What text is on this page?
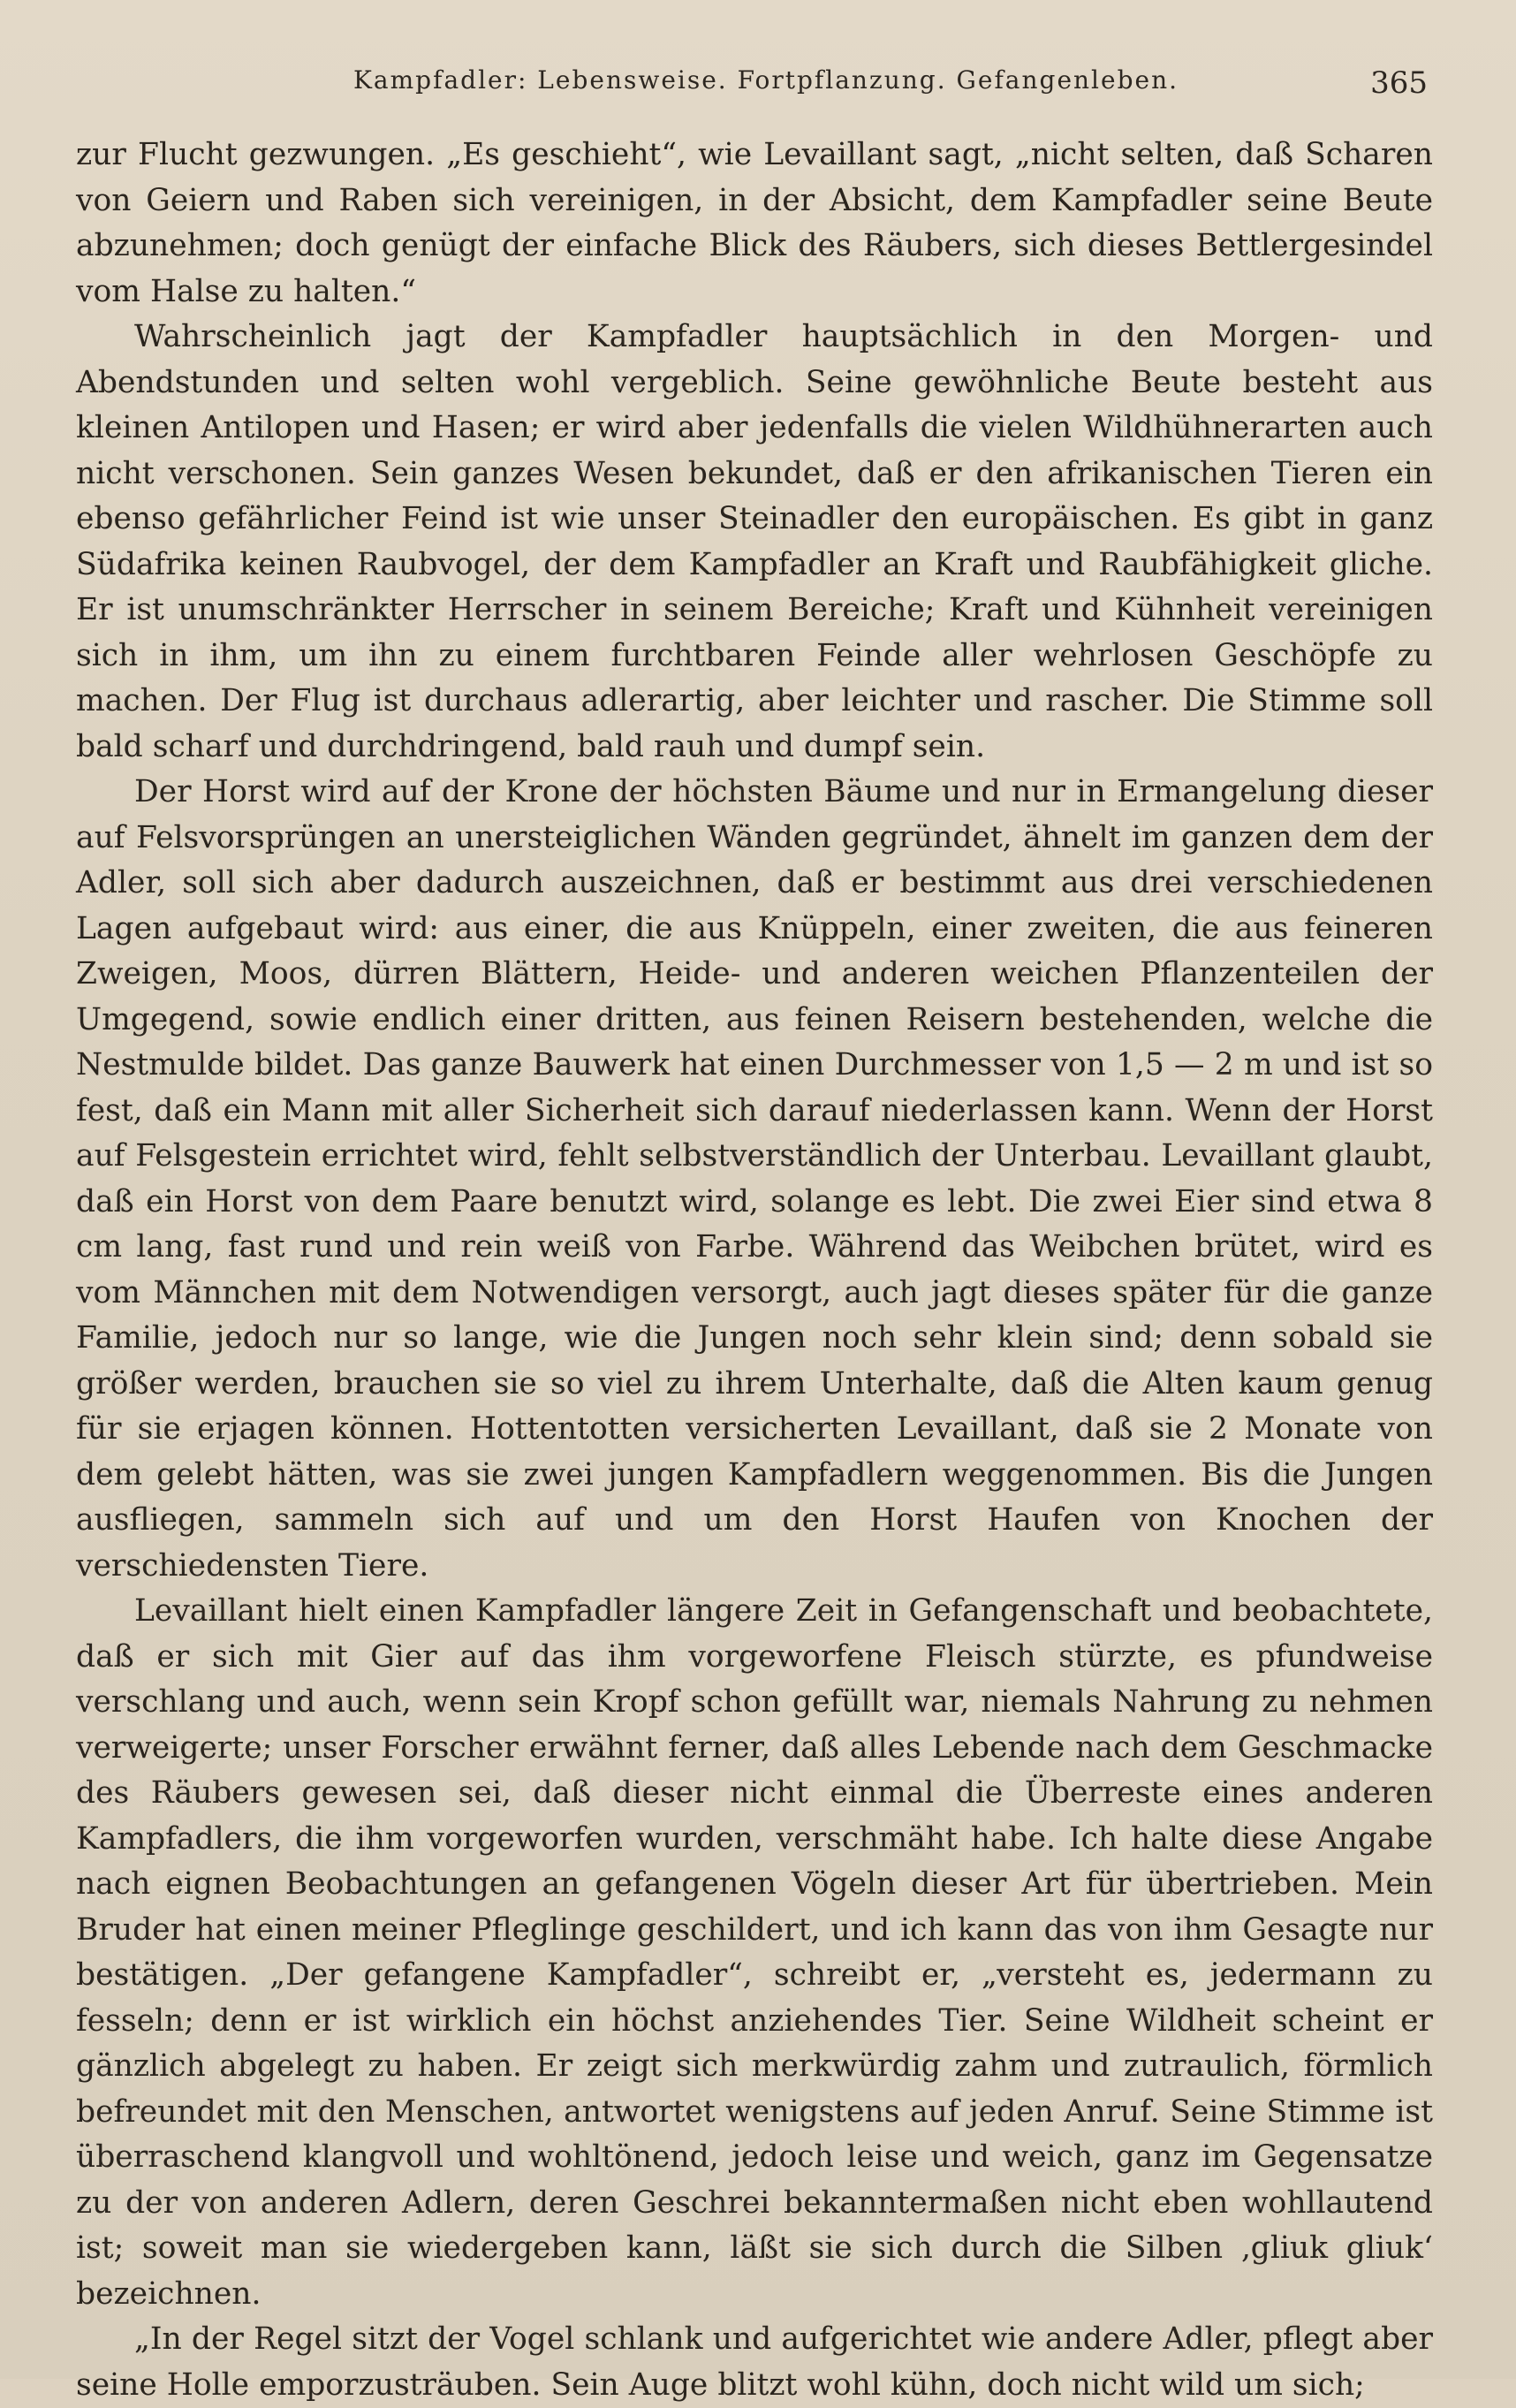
Kampfadler: Lebensweise. Fortpflanzung. Gefangenleben.	365

zur Flucht gezwungen. „Es geschieht“, wie Levaillant sagt, „nicht selten, daß Scharen von Geiern und Raben sich vereinigen, in der Absicht, dem Kampfadler seine Beute abzunehmen; doch genügt der einfache Blick des Räubers, sich dieses Bettlergesindel vom Halse zu halten.“

Wahrscheinlich jagt der Kampfadler hauptsächlich in den Morgen- und Abendstunden und selten wohl vergeblich. Seine gewöhnliche Beute besteht aus kleinen Antilopen und Hasen; er wird aber jedenfalls die vielen Wildhühnerarten auch nicht verschonen. Sein ganzes Wesen bekundet, daß er den afrikanischen Tieren ein ebenso gefährlicher Feind ist wie unser Steinadler den europäischen. Es gibt in ganz Südafrika keinen Raubvogel, der dem Kampfadler an Kraft und Raubfähigkeit gliche. Er ist unumschränkter Herrscher in seinem Bereiche; Kraft und Kühnheit vereinigen sich in ihm, um ihn zu einem furchtbaren Feinde aller wehrlosen Geschöpfe zu machen. Der Flug ist durchaus adlerartig, aber leichter und rascher. Die Stimme soll bald scharf und durchdringend, bald rauh und dumpf sein.

Der Horst wird auf der Krone der höchsten Bäume und nur in Ermangelung dieser auf Felsvorsprüngen an unersteiglichen Wänden gegründet, ähnelt im ganzen dem der Adler, soll sich aber dadurch auszeichnen, daß er bestimmt aus drei verschiedenen Lagen aufgebaut wird: aus einer, die aus Knüppeln, einer zweiten, die aus feineren Zweigen, Moos, dürren Blättern, Heide- und anderen weichen Pflanzenteilen der Umgegend, sowie endlich einer dritten, aus feinen Reisern bestehenden, welche die Nestmulde bildet. Das ganze Bauwerk hat einen Durchmesser von 1,5 — 2 m und ist so fest, daß ein Mann mit aller Sicherheit sich darauf niederlassen kann. Wenn der Horst auf Felsgestein errichtet wird, fehlt selbstverständlich der Unterbau. Levaillant glaubt, daß ein Horst von dem Paare benutzt wird, solange es lebt. Die zwei Eier sind etwa 8 cm lang, fast rund und rein weiß von Farbe. Während das Weibchen brütet, wird es vom Männchen mit dem Notwendigen versorgt, auch jagt dieses später für die ganze Familie, jedoch nur so lange, wie die Jungen noch sehr klein sind; denn sobald sie größer werden, brauchen sie so viel zu ihrem Unterhalte, daß die Alten kaum genug für sie erjagen können. Hottentotten versicherten Levaillant, daß sie 2 Monate von dem gelebt hätten, was sie zwei jungen Kampfadlern weggenommen. Bis die Jungen ausfliegen, sammeln sich auf und um den Horst Haufen von Knochen der verschiedensten Tiere.

Levaillant hielt einen Kampfadler längere Zeit in Gefangenschaft und beobachtete, daß er sich mit Gier auf das ihm vorgeworfene Fleisch stürzte, es pfundweise verschlang und auch, wenn sein Kropf schon gefüllt war, niemals Nahrung zu nehmen verweigerte; unser Forscher erwähnt ferner, daß alles Lebende nach dem Geschmacke des Räubers gewesen sei, daß dieser nicht einmal die Überreste eines anderen Kampfadlers, die ihm vorgeworfen wurden, verschmäht habe. Ich halte diese Angabe nach eignen Beobachtungen an gefangenen Vögeln dieser Art für übertrieben. Mein Bruder hat einen meiner Pfleglinge geschildert, und ich kann das von ihm Gesagte nur bestätigen. „Der gefangene Kampfadler“, schreibt er, „versteht es, jedermann zu fesseln; denn er ist wirklich ein höchst anziehendes Tier. Seine Wildheit scheint er gänzlich abgelegt zu haben. Er zeigt sich merkwürdig zahm und zutraulich, förmlich befreundet mit den Menschen, antwortet wenigstens auf jeden Anruf. Seine Stimme ist überraschend klangvoll und wohltönend, jedoch leise und weich, ganz im Gegensatze zu der von anderen Adlern, deren Geschrei bekanntermaßen nicht eben wohllautend ist; soweit man sie wiedergeben kann, läßt sie sich durch die Silben ‚gliuk gliuk‘ bezeichnen.

„In der Regel sitzt der Vogel schlank und aufgerichtet wie andere Adler, pflegt aber seine Holle emporzusträuben. Sein Auge blitzt wohl kühn, doch nicht wild um sich;
